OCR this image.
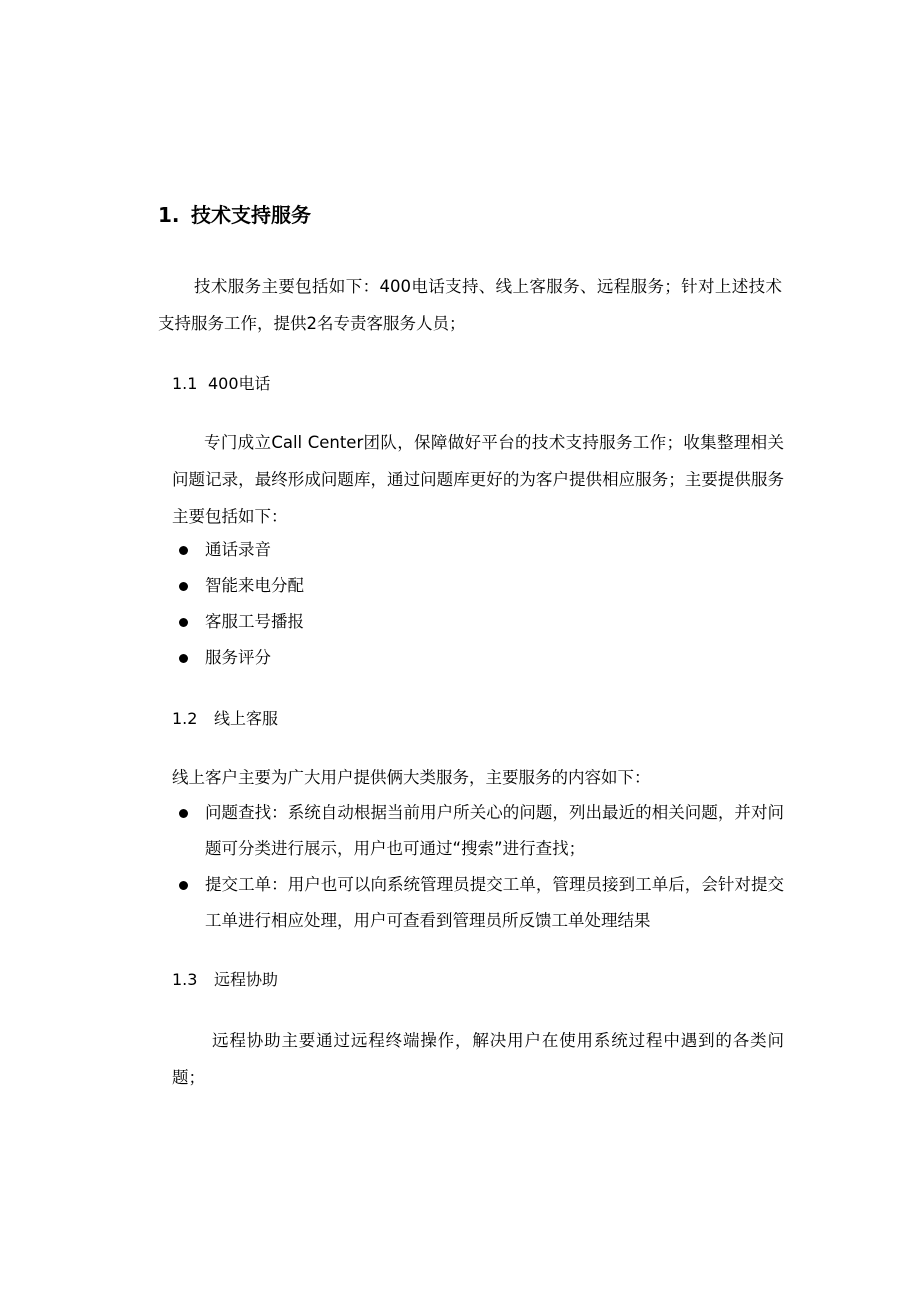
1. 技术支持服务
技术服务主要包括如下：400电话支持、线上客服务、远程服务；针对上述技术支持服务工作，提供2名专责客服务人员；
1.1 400电话
专门成立Call Center团队，保障做好平台的技术支持服务工作；收集整理相关问题记录，最终形成问题库，通过问题库更好的为客户提供相应服务；主要提供服务主要包括如下：
通话录音
智能来电分配
客服工号播报
服务评分
1.2 线上客服
线上客户主要为广大用户提供俩大类服务，主要服务的内容如下：
问题查找：系统自动根据当前用户所关心的问题，列出最近的相关问题，并对问题可分类进行展示，用户也可通过“搜索”进行查找；
提交工单：用户也可以向系统管理员提交工单，管理员接到工单后，会针对提交工单进行相应处理，用户可查看到管理员所反馈工单处理结果
1.3 远程协助
远程协助主要通过远程终端操作，解决用户在使用系统过程中遇到的各类问题；
